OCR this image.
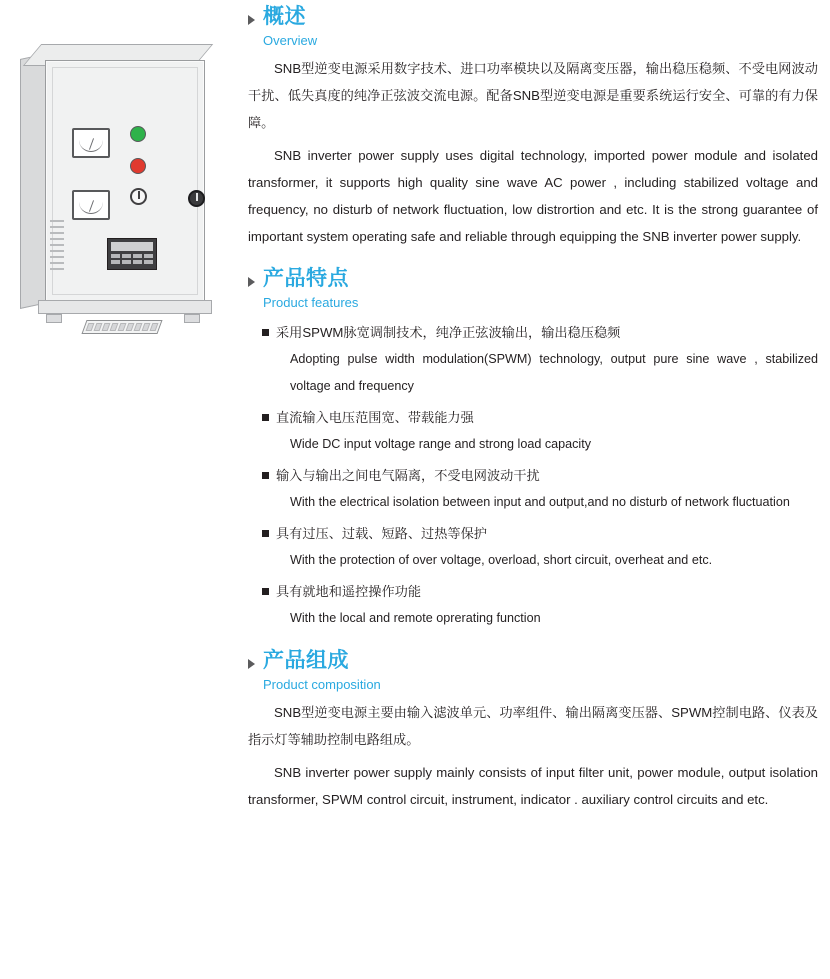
概述
Overview

SNB型逆变电源采用数字技术、进口功率模块以及隔离变压器，输出稳压稳频、不受电网波动干扰、低失真度的纯净正弦波交流电源。配备SNB型逆变电源是重要系统运行安全、可靠的有力保障。

SNB inverter power supply uses digital technology, imported power module and isolated transformer, it supports high quality sine wave AC power , including stabilized voltage and frequency, no disturb of network fluctuation, low distrortion and etc. It is the strong guarantee of important system operating safe and reliable through equipping the SNB inverter power supply.

产品特点
Product features
采用SPWM脉宽调制技术，纯净正弦波输出，输出稳压稳频
Adopting pulse width modulation(SPWM) technology, output pure sine wave , stabilized voltage and frequency
直流输入电压范围宽、带载能力强
Wide DC input voltage range and strong load capacity
输入与输出之间电气隔离，不受电网波动干扰
With the electrical isolation between input and output,and no disturb of network fluctuation
具有过压、过载、短路、过热等保护
With the protection of over voltage, overload, short circuit, overheat and etc.
具有就地和遥控操作功能
With the local and remote oprerating function
产品组成
Product composition

SNB型逆变电源主要由输入滤波单元、功率组件、输出隔离变压器、SPWM控制电路、仪表及指示灯等辅助控制电路组成。

SNB inverter power supply mainly consists of input filter unit, power module, output isolation transformer, SPWM control circuit, instrument, indicator . auxiliary control circuits and etc.
